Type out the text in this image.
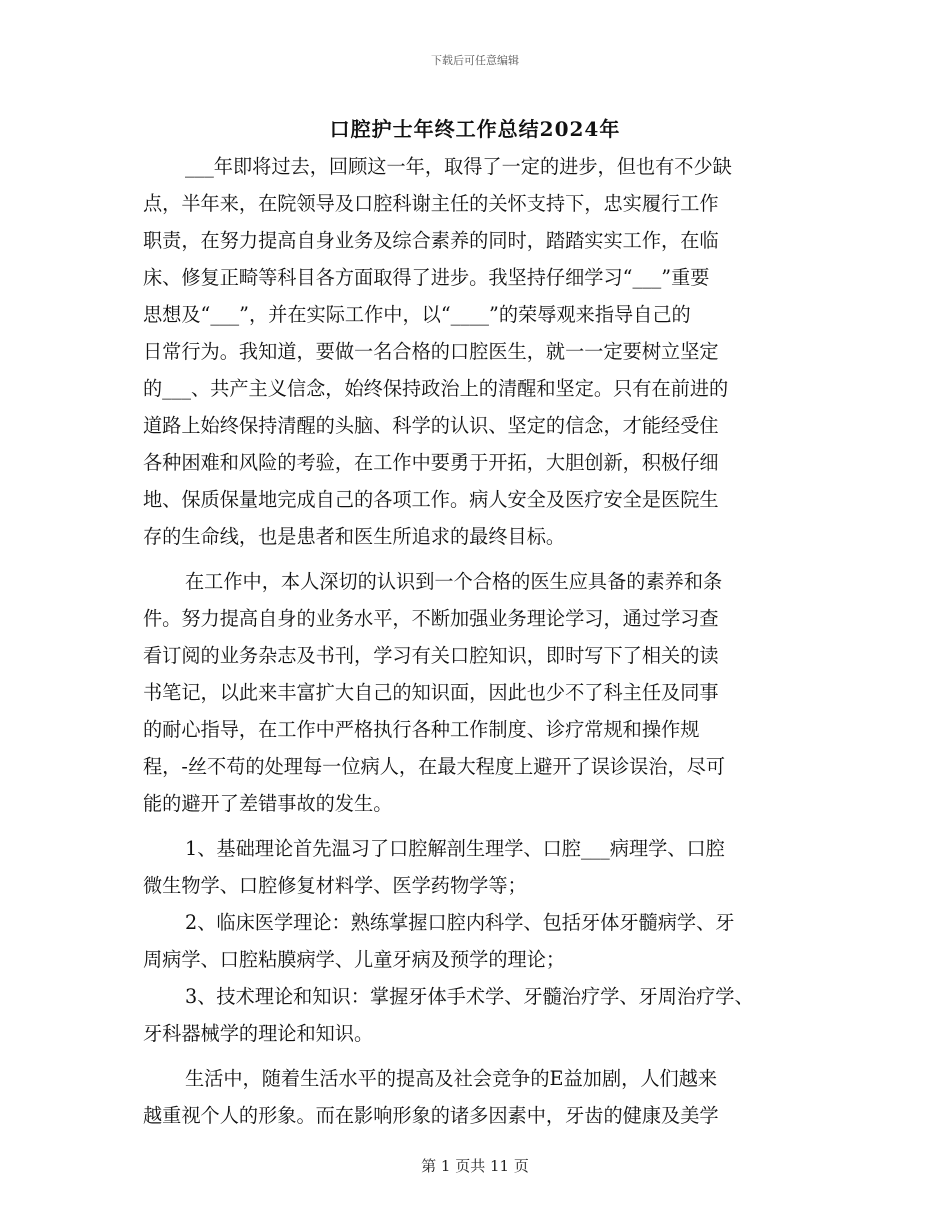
下载后可任意编辑
口腔护士年终工作总结2024年
___年即将过去，回顾这一年，取得了一定的进步，但也有不少缺
点，半年来，在院领导及口腔科谢主任的关怀支持下，忠实履行工作
职责，在努力提高自身业务及综合素养的同时，踏踏实实工作，在临
床、修复正畸等科目各方面取得了进步。我坚持仔细学习“___”重要
思想及“___”，并在实际工作中，以“____”的荣辱观来指导自己的
日常行为。我知道，要做一名合格的口腔医生，就一一定要树立坚定
的___、共产主义信念，始终保持政治上的清醒和坚定。只有在前进的
道路上始终保持清醒的头脑、科学的认识、坚定的信念，才能经受住
各种困难和风险的考验，在工作中要勇于开拓，大胆创新，积极仔细
地、保质保量地完成自己的各项工作。病人安全及医疗安全是医院生
存的生命线，也是患者和医生所追求的最终目标。
在工作中，本人深切的认识到一个合格的医生应具备的素养和条
件。努力提高自身的业务水平，不断加强业务理论学习，通过学习查
看订阅的业务杂志及书刊，学习有关口腔知识，即时写下了相关的读
书笔记，以此来丰富扩大自己的知识面，因此也少不了科主任及同事
的耐心指导，在工作中严格执行各种工作制度、诊疗常规和操作规
程，-丝不苟的处理每一位病人，在最大程度上避开了误诊误治，尽可
能的避开了差错事故的发生。
1、基础理论首先温习了口腔解剖生理学、口腔___病理学、口腔
微生物学、口腔修复材料学、医学药物学等；
2、临床医学理论：熟练掌握口腔内科学、包括牙体牙髓病学、牙
周病学、口腔粘膜病学、儿童牙病及预学的理论；
3、技术理论和知识：掌握牙体手术学、牙髓治疗学、牙周治疗学、
牙科器械学的理论和知识。
生活中，随着生活水平的提高及社会竞争的E益加剧，人们越来
越重视个人的形象。而在影响形象的诸多因素中，牙齿的健康及美学
第 1 页共 11 页
